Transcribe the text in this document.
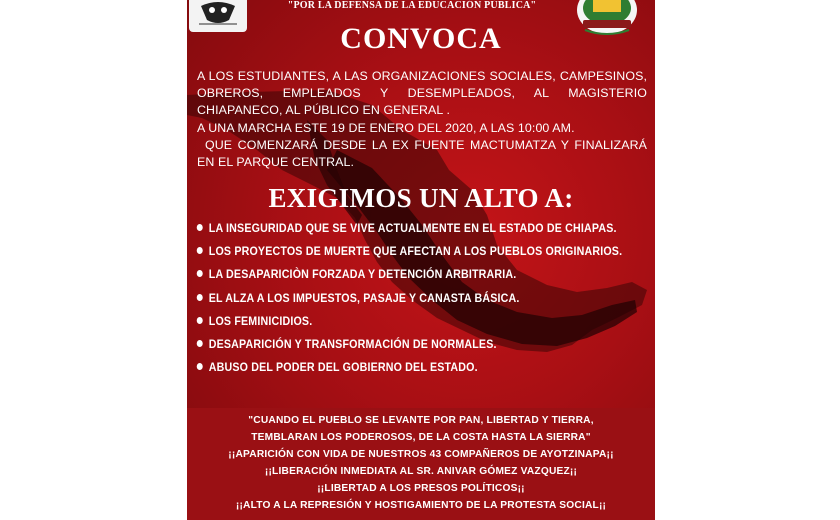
"POR LA DEFENSA DE LA EDUCACIÓN PÚBLICA"
CONVOCA

A LOS ESTUDIANTES, A LAS ORGANIZACIONES SOCIALES, CAMPESINOS, OBREROS, EMPLEADOS Y DESEMPLEADOS, AL MAGISTERIO CHIAPANECO, AL PÚBLICO EN GENERAL .

A UNA MARCHA ESTE 19 DE ENERO DEL 2020, A LAS 10:00 AM.

QUE COMENZARÁ DESDE LA EX FUENTE MACTUMATZA Y FINALIZARÁ EN EL PARQUE CENTRAL.

EXIGIMOS UN ALTO A:
LA INSEGURIDAD QUE SE VIVE ACTUALMENTE EN EL ESTADO DE CHIAPAS.
LOS PROYECTOS DE MUERTE QUE AFECTAN A LOS PUEBLOS ORIGINARIOS.
LA DESAPARICIÒN FORZADA Y DETENCIÓN ARBITRARIA.
EL ALZA A LOS IMPUESTOS, PASAJE Y CANASTA BÁSICA.
LOS FEMINICIDIOS.
DESAPARICIÓN Y TRANSFORMACIÓN DE NORMALES.
ABUSO DEL PODER DEL GOBIERNO DEL ESTADO.
"CUANDO EL PUEBLO SE LEVANTE POR PAN, LIBERTAD Y TIERRA,
TEMBLARAN LOS PODEROSOS, DE LA COSTA HASTA LA SIERRA"
¡¡APARICIÓN CON VIDA DE NUESTROS 43 COMPAÑEROS DE AYOTZINAPA¡¡
¡¡LIBERACIÓN INMEDIATA AL SR. ANIVAR GÓMEZ VAZQUEZ¡¡
¡¡LIBERTAD A LOS PRESOS POLÍTICOS¡¡
¡¡ALTO A LA REPRESIÓN Y HOSTIGAMIENTO DE LA PROTESTA SOCIAL¡¡
